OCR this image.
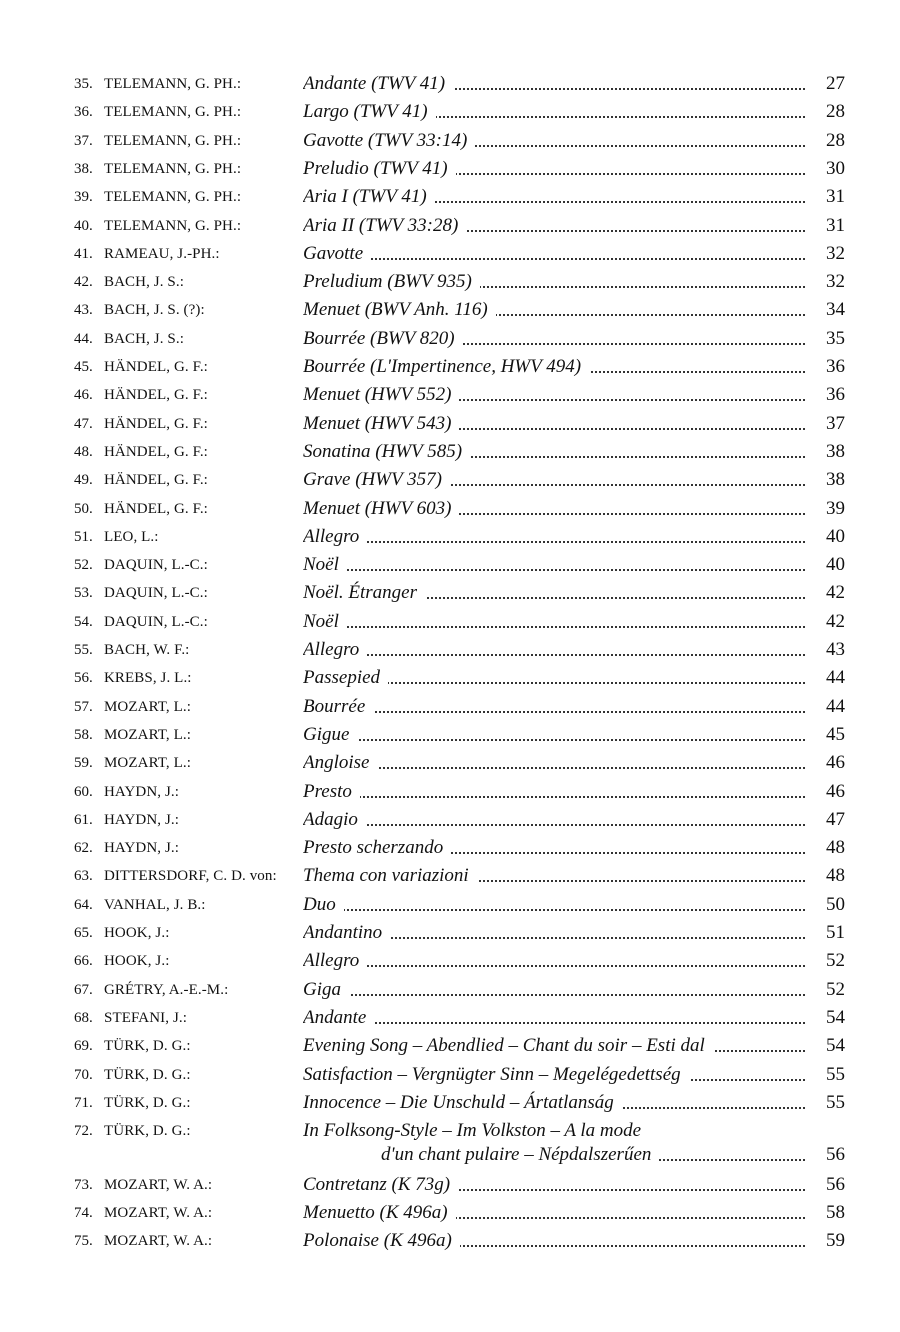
35. TELEMANN, G. PH.:	Andante (TWV 41)	27
36. TELEMANN, G. PH.:	Largo (TWV 41)	28
37. TELEMANN, G. PH.:	Gavotte (TWV 33:14)	28
38. TELEMANN, G. PH.:	Preludio (TWV 41)	30
39. TELEMANN, G. PH.:	Aria I (TWV 41)	31
40. TELEMANN, G. PH.:	Aria II (TWV 33:28)	31
41. RAMEAU, J.-PH.:	Gavotte	32
42. BACH, J. S.:	Preludium (BWV 935)	32
43. BACH, J. S. (?):	Menuet (BWV Anh. 116)	34
44. BACH, J. S.:	Bourrée (BWV 820)	35
45. HÄNDEL, G. F.:	Bourrée (L'Impertinence, HWV 494)	36
46. HÄNDEL, G. F.:	Menuet (HWV 552)	36
47. HÄNDEL, G. F.:	Menuet (HWV 543)	37
48. HÄNDEL, G. F.:	Sonatina (HWV 585)	38
49. HÄNDEL, G. F.:	Grave (HWV 357)	38
50. HÄNDEL, G. F.:	Menuet (HWV 603)	39
51. LEO, L.:	Allegro	40
52. DAQUIN, L.-C.:	Noël	40
53. DAQUIN, L.-C.:	Noël. Étranger	42
54. DAQUIN, L.-C.:	Noël	42
55. BACH, W. F.:	Allegro	43
56. KREBS, J. L.:	Passepied	44
57. MOZART, L.:	Bourrée	44
58. MOZART, L.:	Gigue	45
59. MOZART, L.:	Angloise	46
60. HAYDN, J.:	Presto	46
61. HAYDN, J.:	Adagio	47
62. HAYDN, J.:	Presto scherzando	48
63. DITTERSDORF, C. D. von: Thema con variazioni	48
64. VANHAL, J. B.:	Duo	50
65. HOOK, J.:	Andantino	51
66. HOOK, J.:	Allegro	52
67. GRÉTRY, A.-E.-M.:	Giga	52
68. STEFANI, J.:	Andante	54
69. TÜRK, D. G.:	Evening Song – Abendlied – Chant du soir – Esti dal	54
70. TÜRK, D. G.:	Satisfaction – Vergnügter Sinn – Megelégedettség	55
71. TÜRK, D. G.:	Innocence – Die Unschuld – Ártatlanság	55
72. TÜRK, D. G.:	In Folksong-Style – Im Volkston – A la mode
d'un chant pulaire – Népdalszerűen	56
73. MOZART, W. A.:	Contretanz (K 73g)	56
74. MOZART, W. A.:	Menuetto (K 496a)	58
75. MOZART, W. A.:	Polonaise (K 496a)	59
